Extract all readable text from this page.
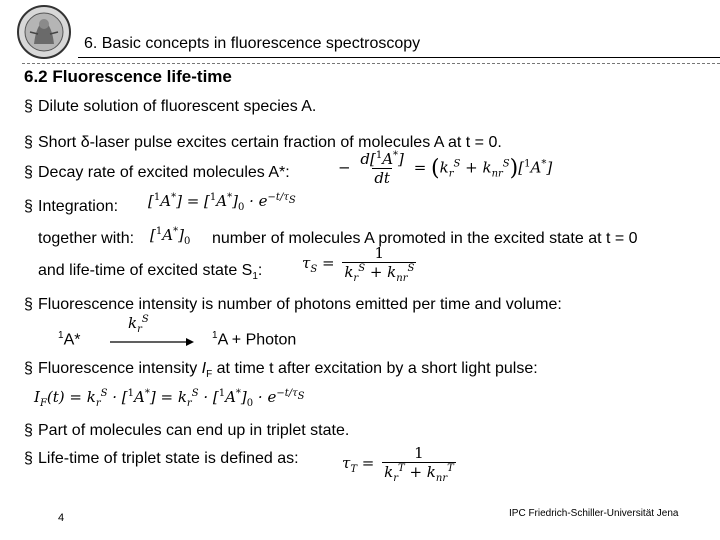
6. Basic concepts in fluorescence spectroscopy
6.2 Fluorescence life-time
§ Dilute solution of fluorescent species A.
§ Short δ-laser pulse excites certain fraction of molecules A at t = 0.
§ Decay rate of excited molecules A*:	− $\frac{d[^1A^*]}{dt} = (k_r^S + k_{nr}^S)[^1A^*]$
§ Integration: $[^1A^*] = [^1A^*]_0 \cdot e^{-t/\tau_S}$
together with: $[^1A^*]_0$ number of molecules A promoted in the excited state at t = 0
and life-time of excited state $S_1$:	$\tau_S = \frac{1}{k_r^S + k_{nr}^S}$
§ Fluorescence intensity is number of photons emitted per time and volume:
$^1$A*
$k_r^S$
$^1$A + Photon
§ Fluorescence intensity $I_F$ at time t after excitation by a short light pulse:
$I_F(t) = k_r^S \cdot [^1A^*] = k_r^S \cdot [^1A^*]_0 \cdot e^{-t/\tau_S}$
§ Part of molecules can end up in triplet state.
§ Life-time of triplet state is defined as:	$\tau_T = \frac{1}{k_r^T + k_{nr}^T}$
4	IPC Friedrich-Schiller-Universität Jena
